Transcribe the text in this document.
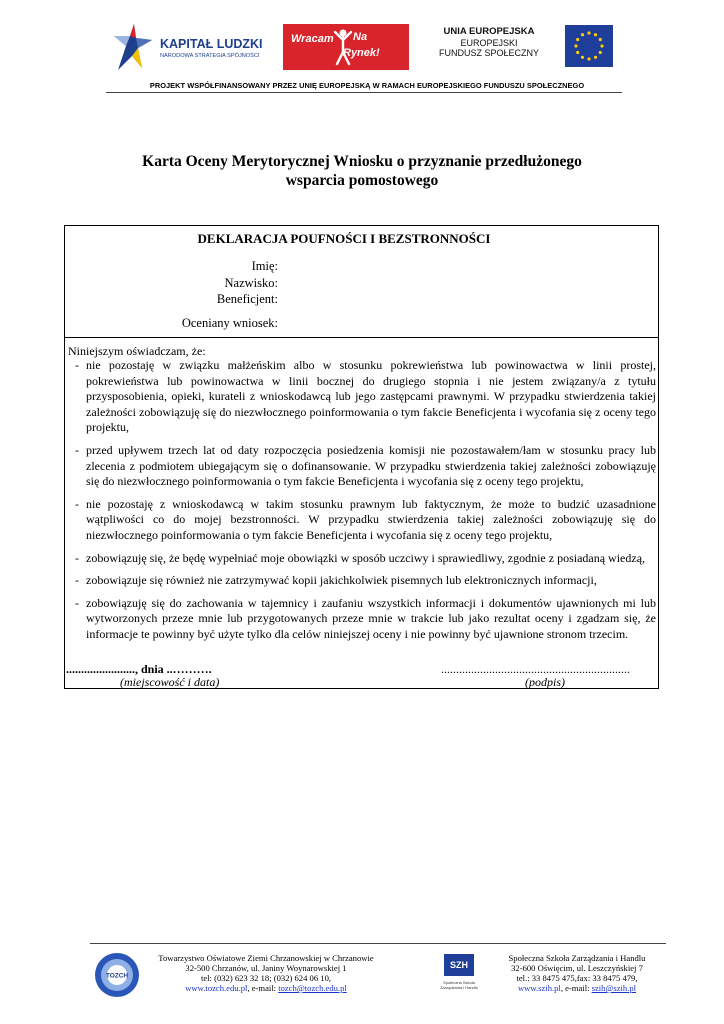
KAPITAŁ LUDZKI
NARODOWA STRATEGIA SPÓJNOŚCI
Wracam Na
Rynek!
UNIA EUROPEJSKA
EUROPEJSKI
FUNDUSZ SPOŁECZNY
PROJEKT WSPÓŁFINANSOWANY PRZEZ UNIĘ EUROPEJSKĄ W RAMACH EUROPEJSKIEGO FUNDUSZU SPOŁECZNEGO
Karta Oceny Merytorycznej Wniosku o przyznanie przedłużonego
wsparcia pomostowego
DEKLARACJA POUFNOŚCI I BEZSTRONNOŚCI
Imię:
Nazwisko:
Beneficjent:
Oceniany wniosek:
Niniejszym oświadczam, że:
- nie pozostaję w związku małżeńskim albo w stosunku pokrewieństwa lub powinowactwa w linii prostej, pokrewieństwa lub powinowactwa w linii bocznej do drugiego stopnia i nie jestem związany/a z tytułu przysposobienia, opieki, kurateli z wnioskodawcą lub jego zastępcami prawnymi. W przypadku stwierdzenia takiej zależności zobowiązuję się do niezwłocznego poinformowania o tym fakcie Beneficjenta i wycofania się z oceny tego projektu,
- przed upływem trzech lat od daty rozpoczęcia posiedzenia komisji nie pozostawałem/łam w stosunku pracy lub zlecenia z podmiotem ubiegającym się o dofinansowanie. W przypadku stwierdzenia takiej zależności zobowiązuję się do niezwłocznego poinformowania o tym fakcie Beneficjenta i wycofania się z oceny tego projektu,
- nie pozostaję z wnioskodawcą w takim stosunku prawnym lub faktycznym, że może to budzić uzasadnione wątpliwości co do mojej bezstronności. W przypadku stwierdzenia takiej zależności zobowiązuję się do niezwłocznego poinformowania o tym fakcie Beneficjenta i wycofania się z oceny tego projektu,
- zobowiązuję się, że będę wypełniać moje obowiązki w sposób uczciwy i sprawiedliwy, zgodnie z posiadaną wiedzą,
- zobowiązuje się również nie zatrzymywać kopii jakichkolwiek pisemnych lub elektronicznych informacji,
- zobowiązuję się do zachowania w tajemnicy i zaufaniu wszystkich informacji i dokumentów ujawnionych mi lub wytworzonych przeze mnie lub przygotowanych przeze mnie w trakcie lub jako rezultat oceny i zgadzam się, że informacje te powinny być użyte tylko dla celów niniejszej oceny i nie powinny być ujawnione stronom trzecim.
......................., dnia ..……….
(miejscowość i data)
...............................................................
(podpis)
TOZCH
Towarzystwo Oświatowe Ziemi Chrzanowskiej w Chrzanowie
32-500 Chrzanów, ul. Janiny Woynarowskiej 1
tel: (032) 623 32 18; (032) 624 06 10,
www.tozch.edu.pl, e-mail: tozch@tozch.edu.pl
SZH
Społeczna Szkoła Zarządzania i Handlu
Społeczna Szkoła Zarządzania i Handlu
32-600 Oświęcim, ul. Leszczyńskiej 7
tel.: 33 8475 475,fax: 33 8475 479,
www.szih.pl, e-mail: szih@szih.pl
